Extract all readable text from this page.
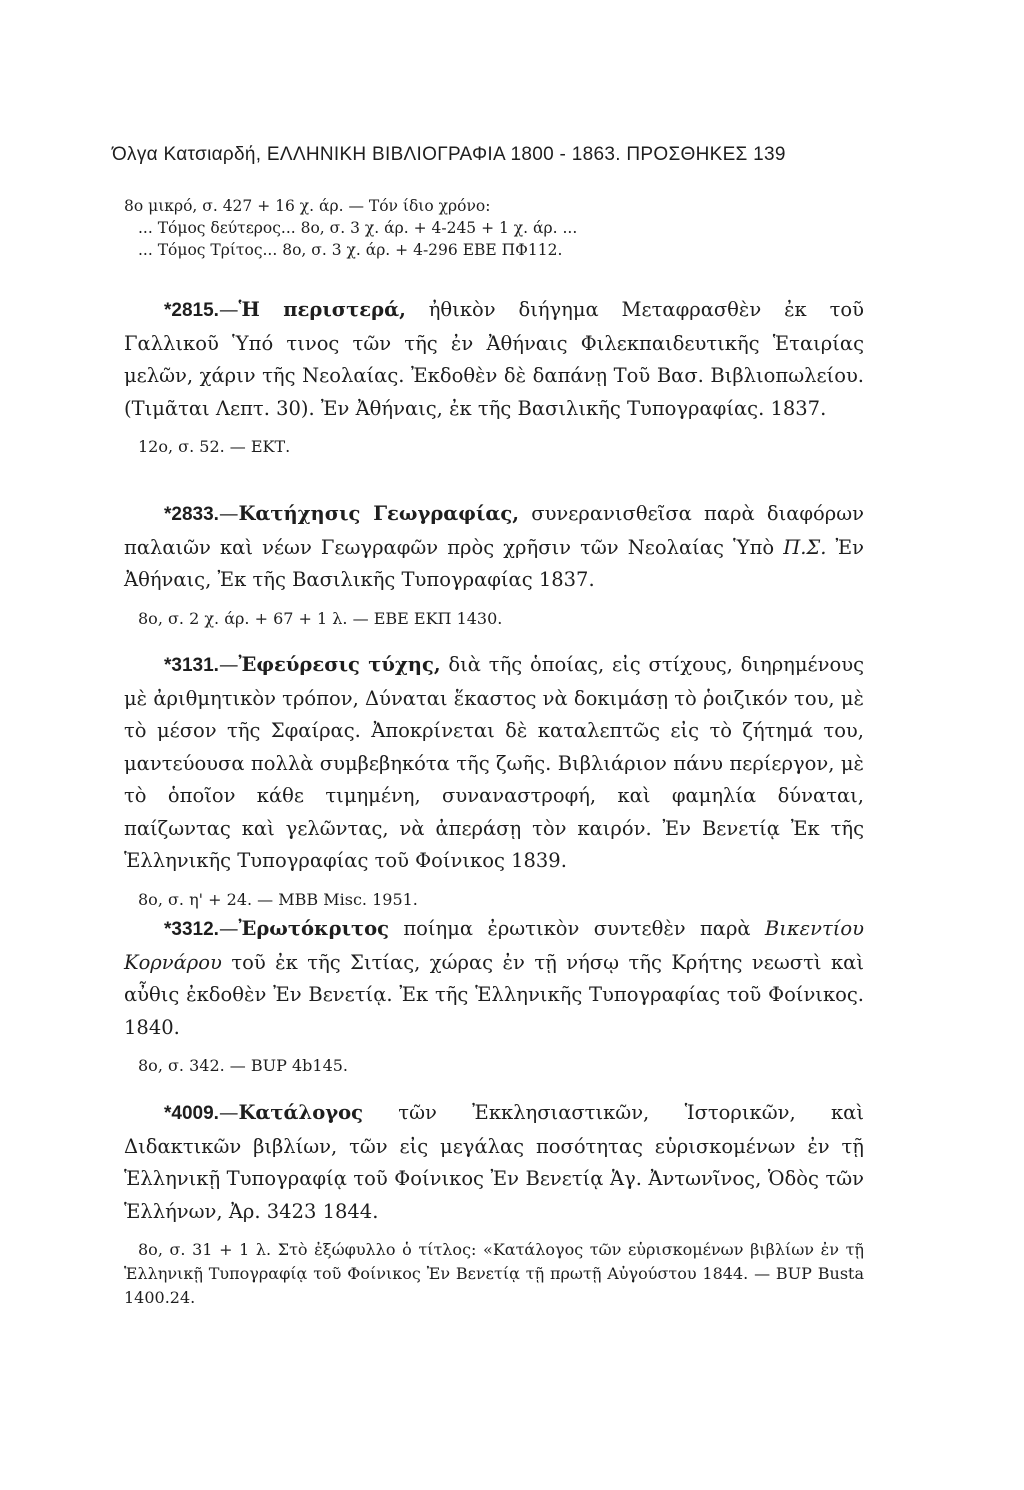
Όλγα Κατσιαρδή, ΕΛΛΗΝΙΚΗ ΒΙΒΛΙΟΓΡΑΦΙΑ 1800 - 1863. ΠΡΟΣΘΗΚΕΣ 139
8ο μικρό, σ. 427 + 16 χ. άρ. — Τόν ίδιο χρόνο:
... Τόμος δεύτερος... 8ο, σ. 3 χ. άρ. + 4-245 + 1 χ. άρ. ...
... Τόμος Τρίτος... 8ο, σ. 3 χ. άρ. + 4-296 ΕΒΕ ΠΦ112.
*2815.—Ἡ περιστερά, ἠθικὸν διήγημα Μεταφρασθὲν ἐκ τοῦ Γαλλικοῦ Ὑπό τινος τῶν τῆς ἐν Ἀθήναις Φιλεκπαιδευτικῆς Ἑταιρίας μελῶν, χάριν τῆς Νεολαίας. Ἐκδοθὲν δὲ δαπάνῃ Τοῦ Βασ. Βιβλιοπωλείου. (Τιμᾶται Λεπτ. 30). Ἐν Ἀθήναις, ἐκ τῆς Βασιλικῆς Τυπογραφίας. 1837.
12ο, σ. 52. — ΕΚΤ.
*2833.—Κατήχησις Γεωγραφίας, συνερανισθεῖσα παρὰ διαφόρων παλαιῶν καὶ νέων Γεωγραφῶν πρὸς χρῆσιν τῶν Νεολαίας Ὑπὸ Π.Σ. Ἐν Ἀθήναις, Ἐκ τῆς Βασιλικῆς Τυπογραφίας 1837.
8ο, σ. 2 χ. άρ. + 67 + 1 λ. — ΕΒΕ ΕΚΠ 1430.
*3131.—Ἐφεύρεσις τύχης, διὰ τῆς ὁποίας, εἰς στίχους, διηρημένους μὲ ἀριθμητικὸν τρόπον, Δύναται ἕκαστος νὰ δοκιμάσῃ τὸ ῥοιζικόν του, μὲ τὸ μέσον τῆς Σφαίρας. Ἀποκρίνεται δὲ καταλεπτῶς εἰς τὸ ζήτημά του, μαντεύουσα πολλὰ συμβεβηκότα τῆς ζωῆς. Βιβλιάριον πάνυ περίεργον, μὲ τὸ ὁποῖον κάθε τιμημένη, συναναστροφή, καὶ φαμηλία δύναται, παίζωντας καὶ γελῶντας, νὰ ἀπεράσῃ τὸν καιρόν. Ἐν Βενετίᾳ Ἐκ τῆς Ἑλληνικῆς Τυπογραφίας τοῦ Φοίνικος 1839.
8ο, σ. η' + 24. — ΜΒΒ Misc. 1951.
*3312.—Ἐρωτόκριτος ποίημα ἐρωτικὸν συντεθὲν παρὰ Βικεντίου Κορνάρου τοῦ ἐκ τῆς Σιτίας, χώρας ἐν τῇ νήσῳ τῆς Κρήτης νεωστὶ καὶ αὖθις ἐκδοθὲν Ἐν Βενετίᾳ. Ἐκ τῆς Ἑλληνικῆς Τυπογραφίας τοῦ Φοίνικος. 1840.
8ο, σ. 342. — BUP 4b145.
*4009.—Κατάλογος τῶν Ἐκκλησιαστικῶν, Ἱστορικῶν, καὶ Διδακτικῶν βιβλίων, τῶν εἰς μεγάλας ποσότητας εὑρισκομένων ἐν τῇ Ἑλληνικῇ Τυπογραφίᾳ τοῦ Φοίνικος Ἐν Βενετίᾳ Ἁγ. Ἀντωνῖνος, Ὁδὸς τῶν Ἑλλήνων, Ἀρ. 3423 1844.
8ο, σ. 31 + 1 λ. Στὸ ἐξώφυλλο ὁ τίτλος: «Κατάλογος τῶν εὑρισκομένων βιβλίων ἐν τῇ Ἑλληνικῇ Τυπογραφίᾳ τοῦ Φοίνικος Ἐν Βενετίᾳ τῇ πρωτῇ Αὐγούστου 1844. — BUP Busta 1400.24.
